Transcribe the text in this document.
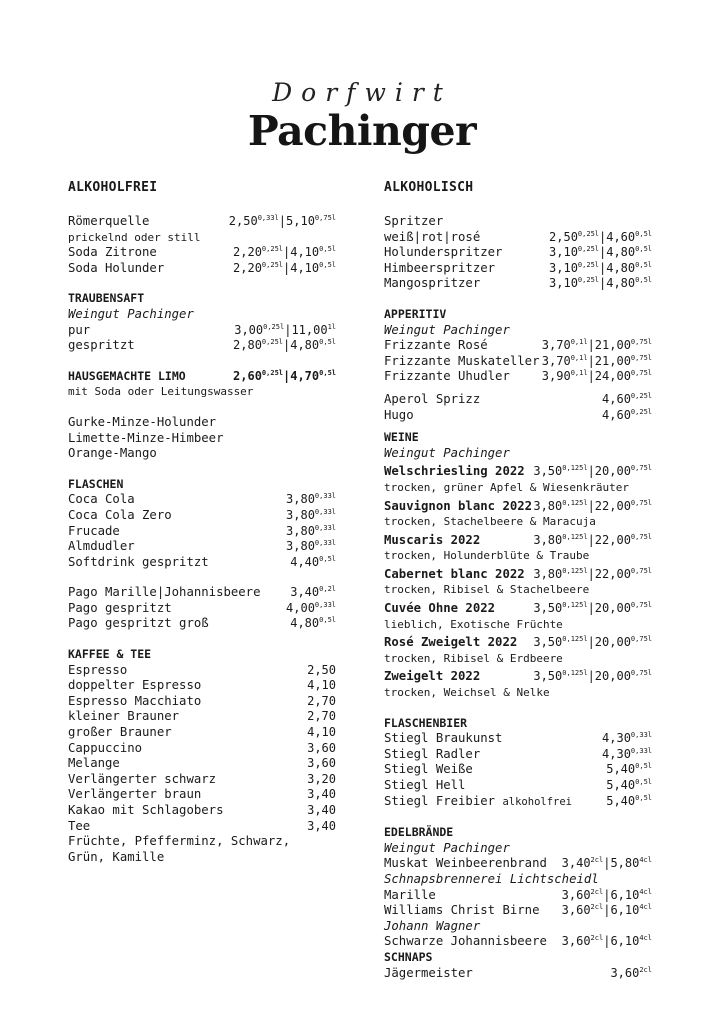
Dorfwirt
Pachinger
ALKOHOLFREI
Römerquelle	$2,50^{0,33l}|5,10^{0,75l}$
prickelnd oder still
Soda Zitrone	$2,20^{0,25l}|4,10^{0,5l}$
Soda Holunder	$2,20^{0,25l}|4,10^{0,5l}$
TRAUBENSAFT
Weingut Pachinger
pur	$3,00^{0,25l}|11,00^{1l}$
gespritzt	$2,80^{0,25l}|4,80^{0,5l}$
HAUSGEMACHTE LIMO	$2,60^{0,25l}|4,70^{0,5l}$
mit Soda oder Leitungswasser
Gurke-Minze-Holunder
Limette-Minze-Himbeer
Orange-Mango
FLASCHEN
Coca Cola	$3,80^{0,33l}$
Coca Cola Zero	$3,80^{0,33l}$
Frucade	$3,80^{0,33l}$
Almdudler	$3,80^{0,33l}$
Softdrink gespritzt	$4,40^{0,5l}$
Pago Marille|Johannisbeere $3,40^{0,2l}$
Pago gespritzt	$4,00^{0,33l}$
Pago gespritzt groß	$4,80^{0,5l}$
KAFFEE & TEE
Espresso	2,50
doppelter Espresso	4,10
Espresso Macchiato	2,70
kleiner Brauner	2,70
großer Brauner	4,10
Cappuccino	3,60
Melange	3,60
Verlängerter schwarz	3,20
Verlängerter braun	3,40
Kakao mit Schlagobers	3,40
Tee	3,40
Früchte, Pfefferminz, Schwarz,
Grün, Kamille
ALKOHOLISCH
Spritzer
weiß|rot|rosé	$2,50^{0,25l}|4,60^{0,5l}$
Holunderspritzer	$3,10^{0,25l}|4,80^{0,5l}$
Himbeerspritzer	$3,10^{0,25l}|4,80^{0,5l}$
Mangospritzer	$3,10^{0,25l}|4,80^{0,5l}$
APPERITIV
Weingut Pachinger
Frizzante Rosé	$3,70^{0,1l}|21,00^{0,75l}$
Frizzante Muskateller $3,70^{0,1l}|21,00^{0,75l}$
Frizzante Uhudler	$3,90^{0,1l}|24,00^{0,75l}$
Aperol Sprizz	$4,60^{0,25l}$
Hugo	$4,60^{0,25l}$
WEINE
Weingut Pachinger
Welschriesling 2022 $3,50^{0,125l}|20,00^{0,75l}$
trocken, grüner Apfel & Wiesenkräuter
Sauvignon blanc 2022 $3,80^{0,125l}|22,00^{0,75l}$
trocken, Stachelbeere & Maracuja
Muscaris 2022	$3,80^{0,125l}|22,00^{0,75l}$
trocken, Holunderblüte & Traube
Cabernet blanc 2022 $3,80^{0,125l}|22,00^{0,75l}$
trocken, Ribisel & Stachelbeere
Cuvée Ohne 2022	$3,50^{0,125l}|20,00^{0,75l}$
lieblich, Exotische Früchte
Rosé Zweigelt 2022 $3,50^{0,125l}|20,00^{0,75l}$
trocken, Ribisel & Erdbeere
Zweigelt 2022	$3,50^{0,125l}|20,00^{0,75l}$
trocken, Weichsel & Nelke
FLASCHENBIER
Stiegl Braukunst	$4,30^{0,33l}$
Stiegl Radler	$4,30^{0,33l}$
Stiegl Weiße	$5,40^{0,5l}$
Stiegl Hell	$5,40^{0,5l}$
Stiegl Freibier alkoholfrei	$5,40^{0,5l}$
EDELBRÄNDE
Weingut Pachinger
Muskat Weinbeerenbrand $3,40^{2cl}|5,80^{4cl}$
Schnapsbrennerei Lichtscheidl
Marille	$3,60^{2cl}|6,10^{4cl}$
Williams Christ Birne $3,60^{2cl}|6,10^{4cl}$
Johann Wagner
Schwarze Johannisbeere $3,60^{2cl}|6,10^{4cl}$
SCHNAPS
Jägermeister	$3,60^{2cl}$
